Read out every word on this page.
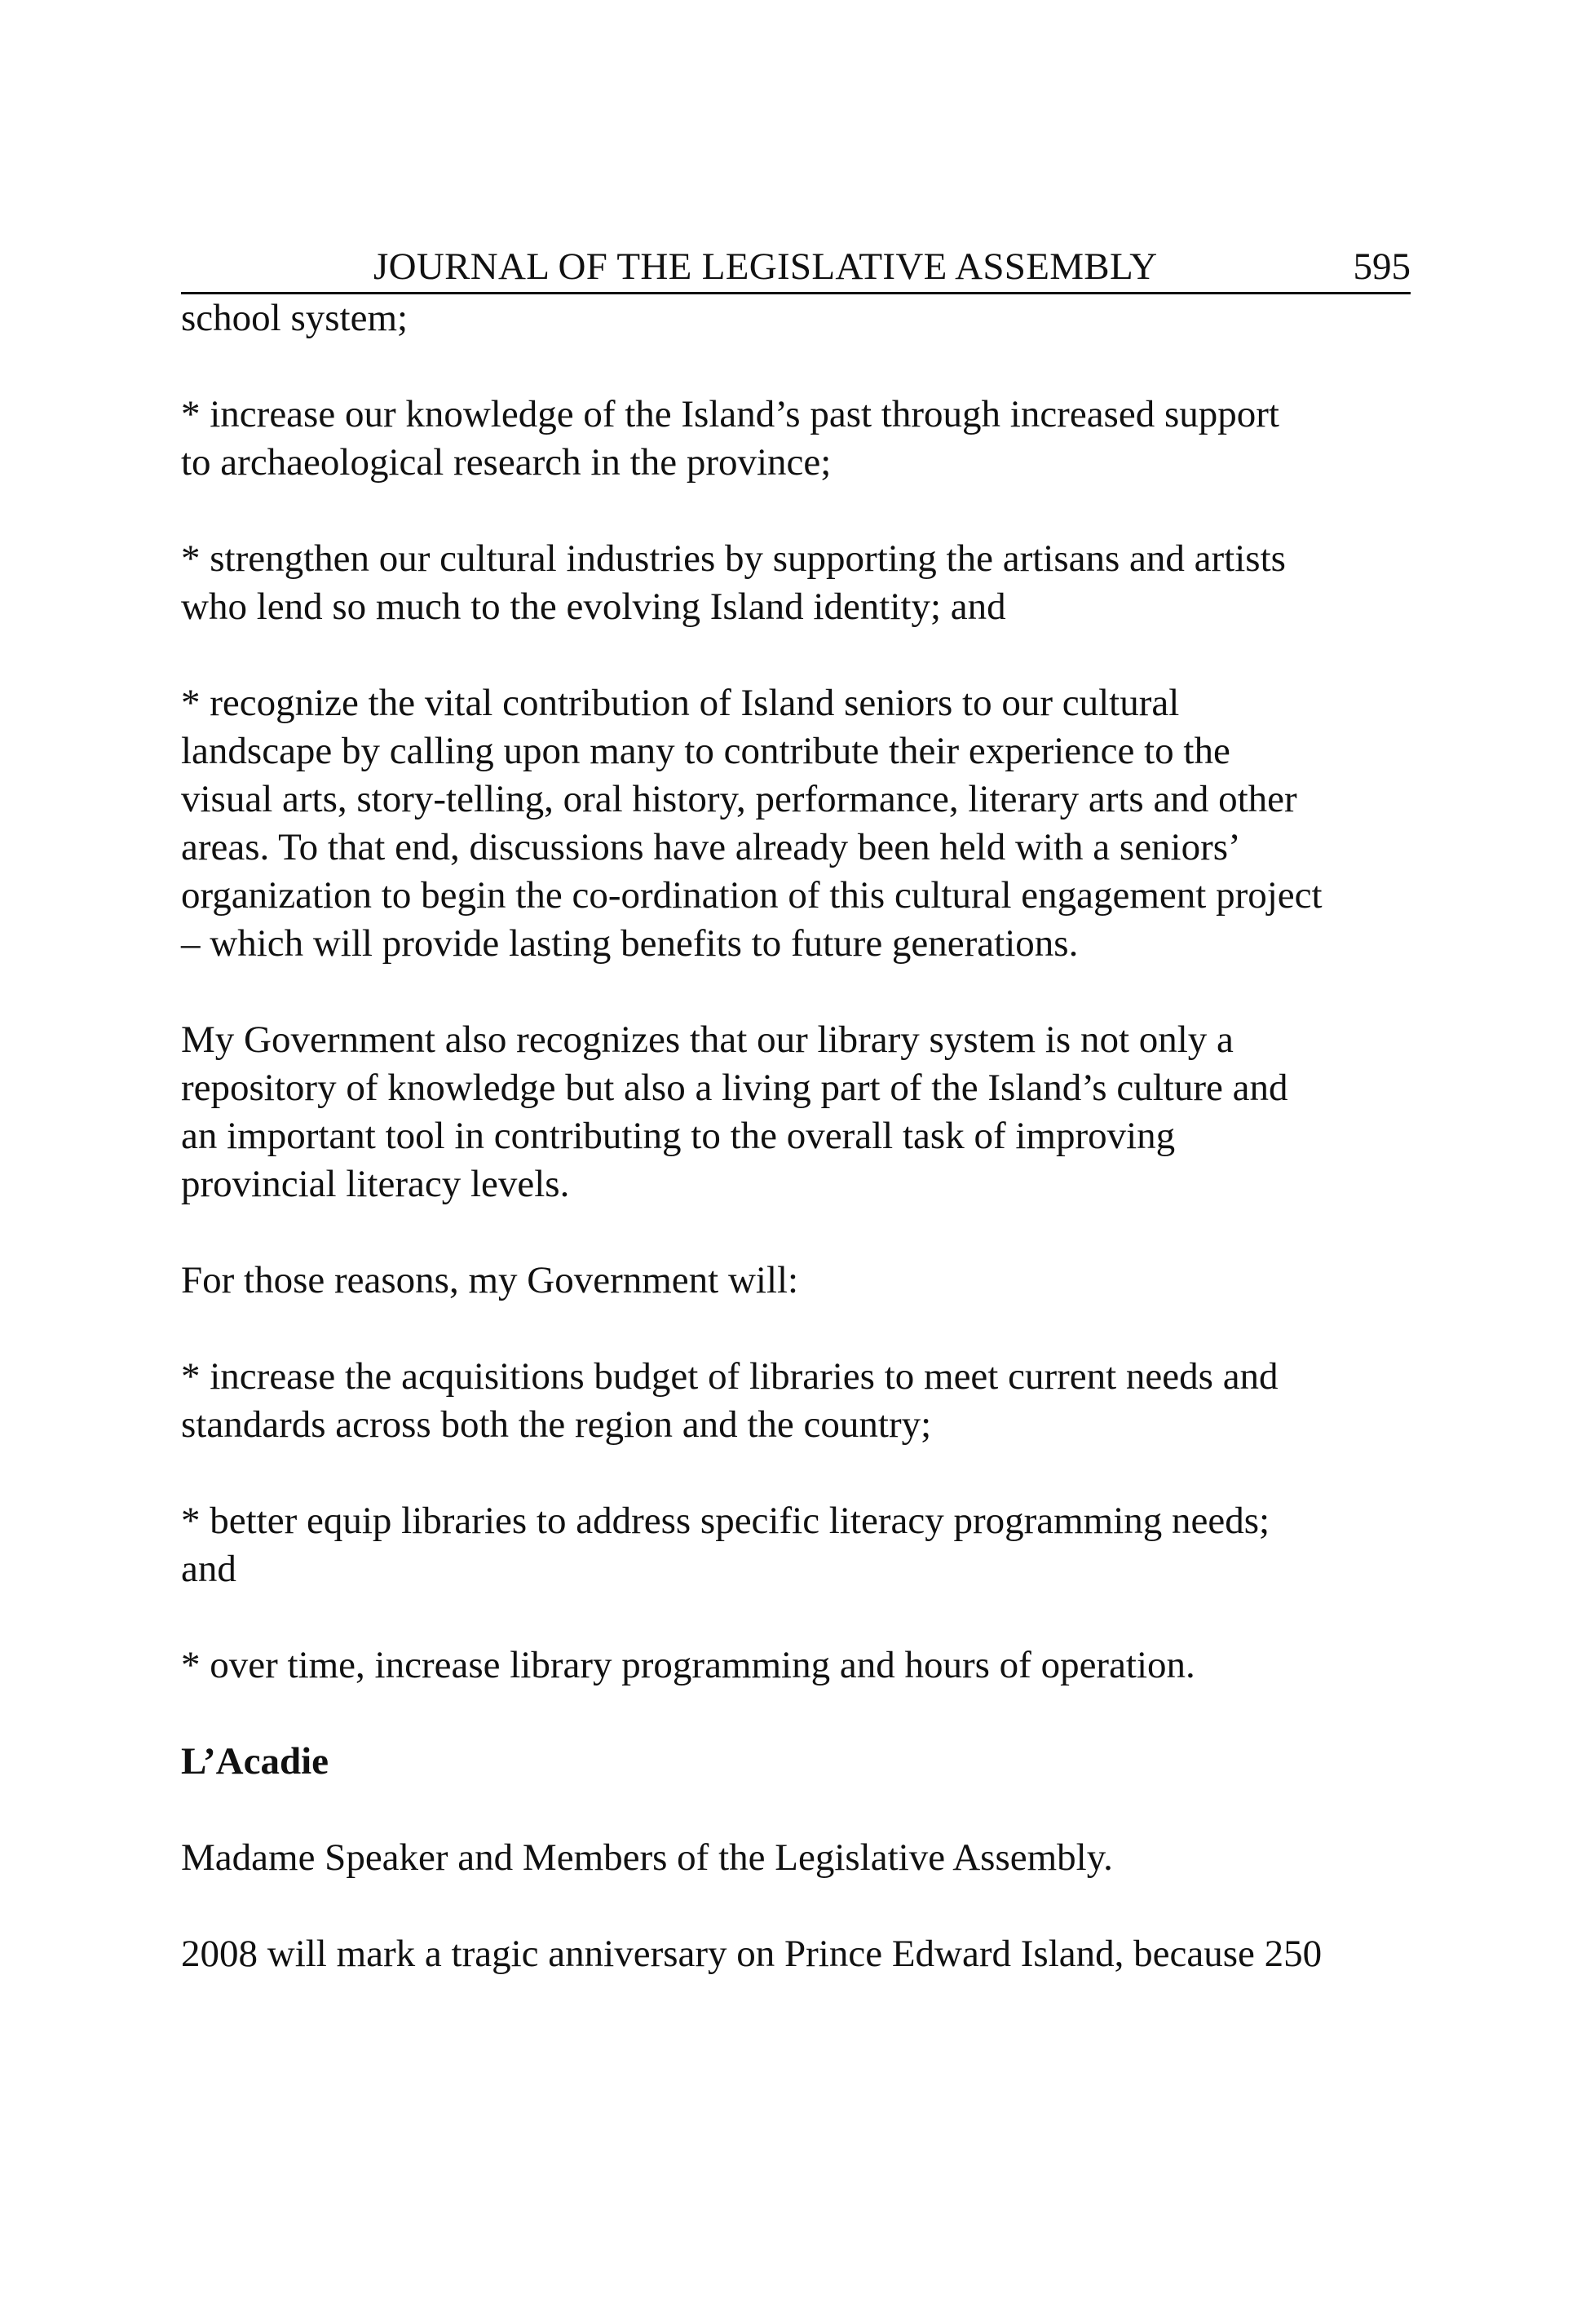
JOURNAL OF THE LEGISLATIVE ASSEMBLY	595

school system;

* increase our knowledge of the Island’s past through increased support
to archaeological research in the province;

* strengthen our cultural industries by supporting the artisans and artists
who lend so much to the evolving Island identity; and

* recognize the vital contribution of Island seniors to our cultural
landscape by calling upon many to contribute their experience to the
visual arts, story-telling, oral history, performance, literary arts and other
areas. To that end, discussions have already been held with a seniors’
organization to begin the co-ordination of this cultural engagement project
– which will provide lasting benefits to future generations.

My Government also recognizes that our library system is not only a
repository of knowledge but also a living part of the Island’s culture and
an important tool in contributing to the overall task of improving
provincial literacy levels.

For those reasons, my Government will:

* increase the acquisitions budget of libraries to meet current needs and
standards across both the region and the country;

* better equip libraries to address specific literacy programming needs;
and

* over time, increase library programming and hours of operation.

L’Acadie

Madame Speaker and Members of the Legislative Assembly.

2008 will mark a tragic anniversary on Prince Edward Island, because 250
